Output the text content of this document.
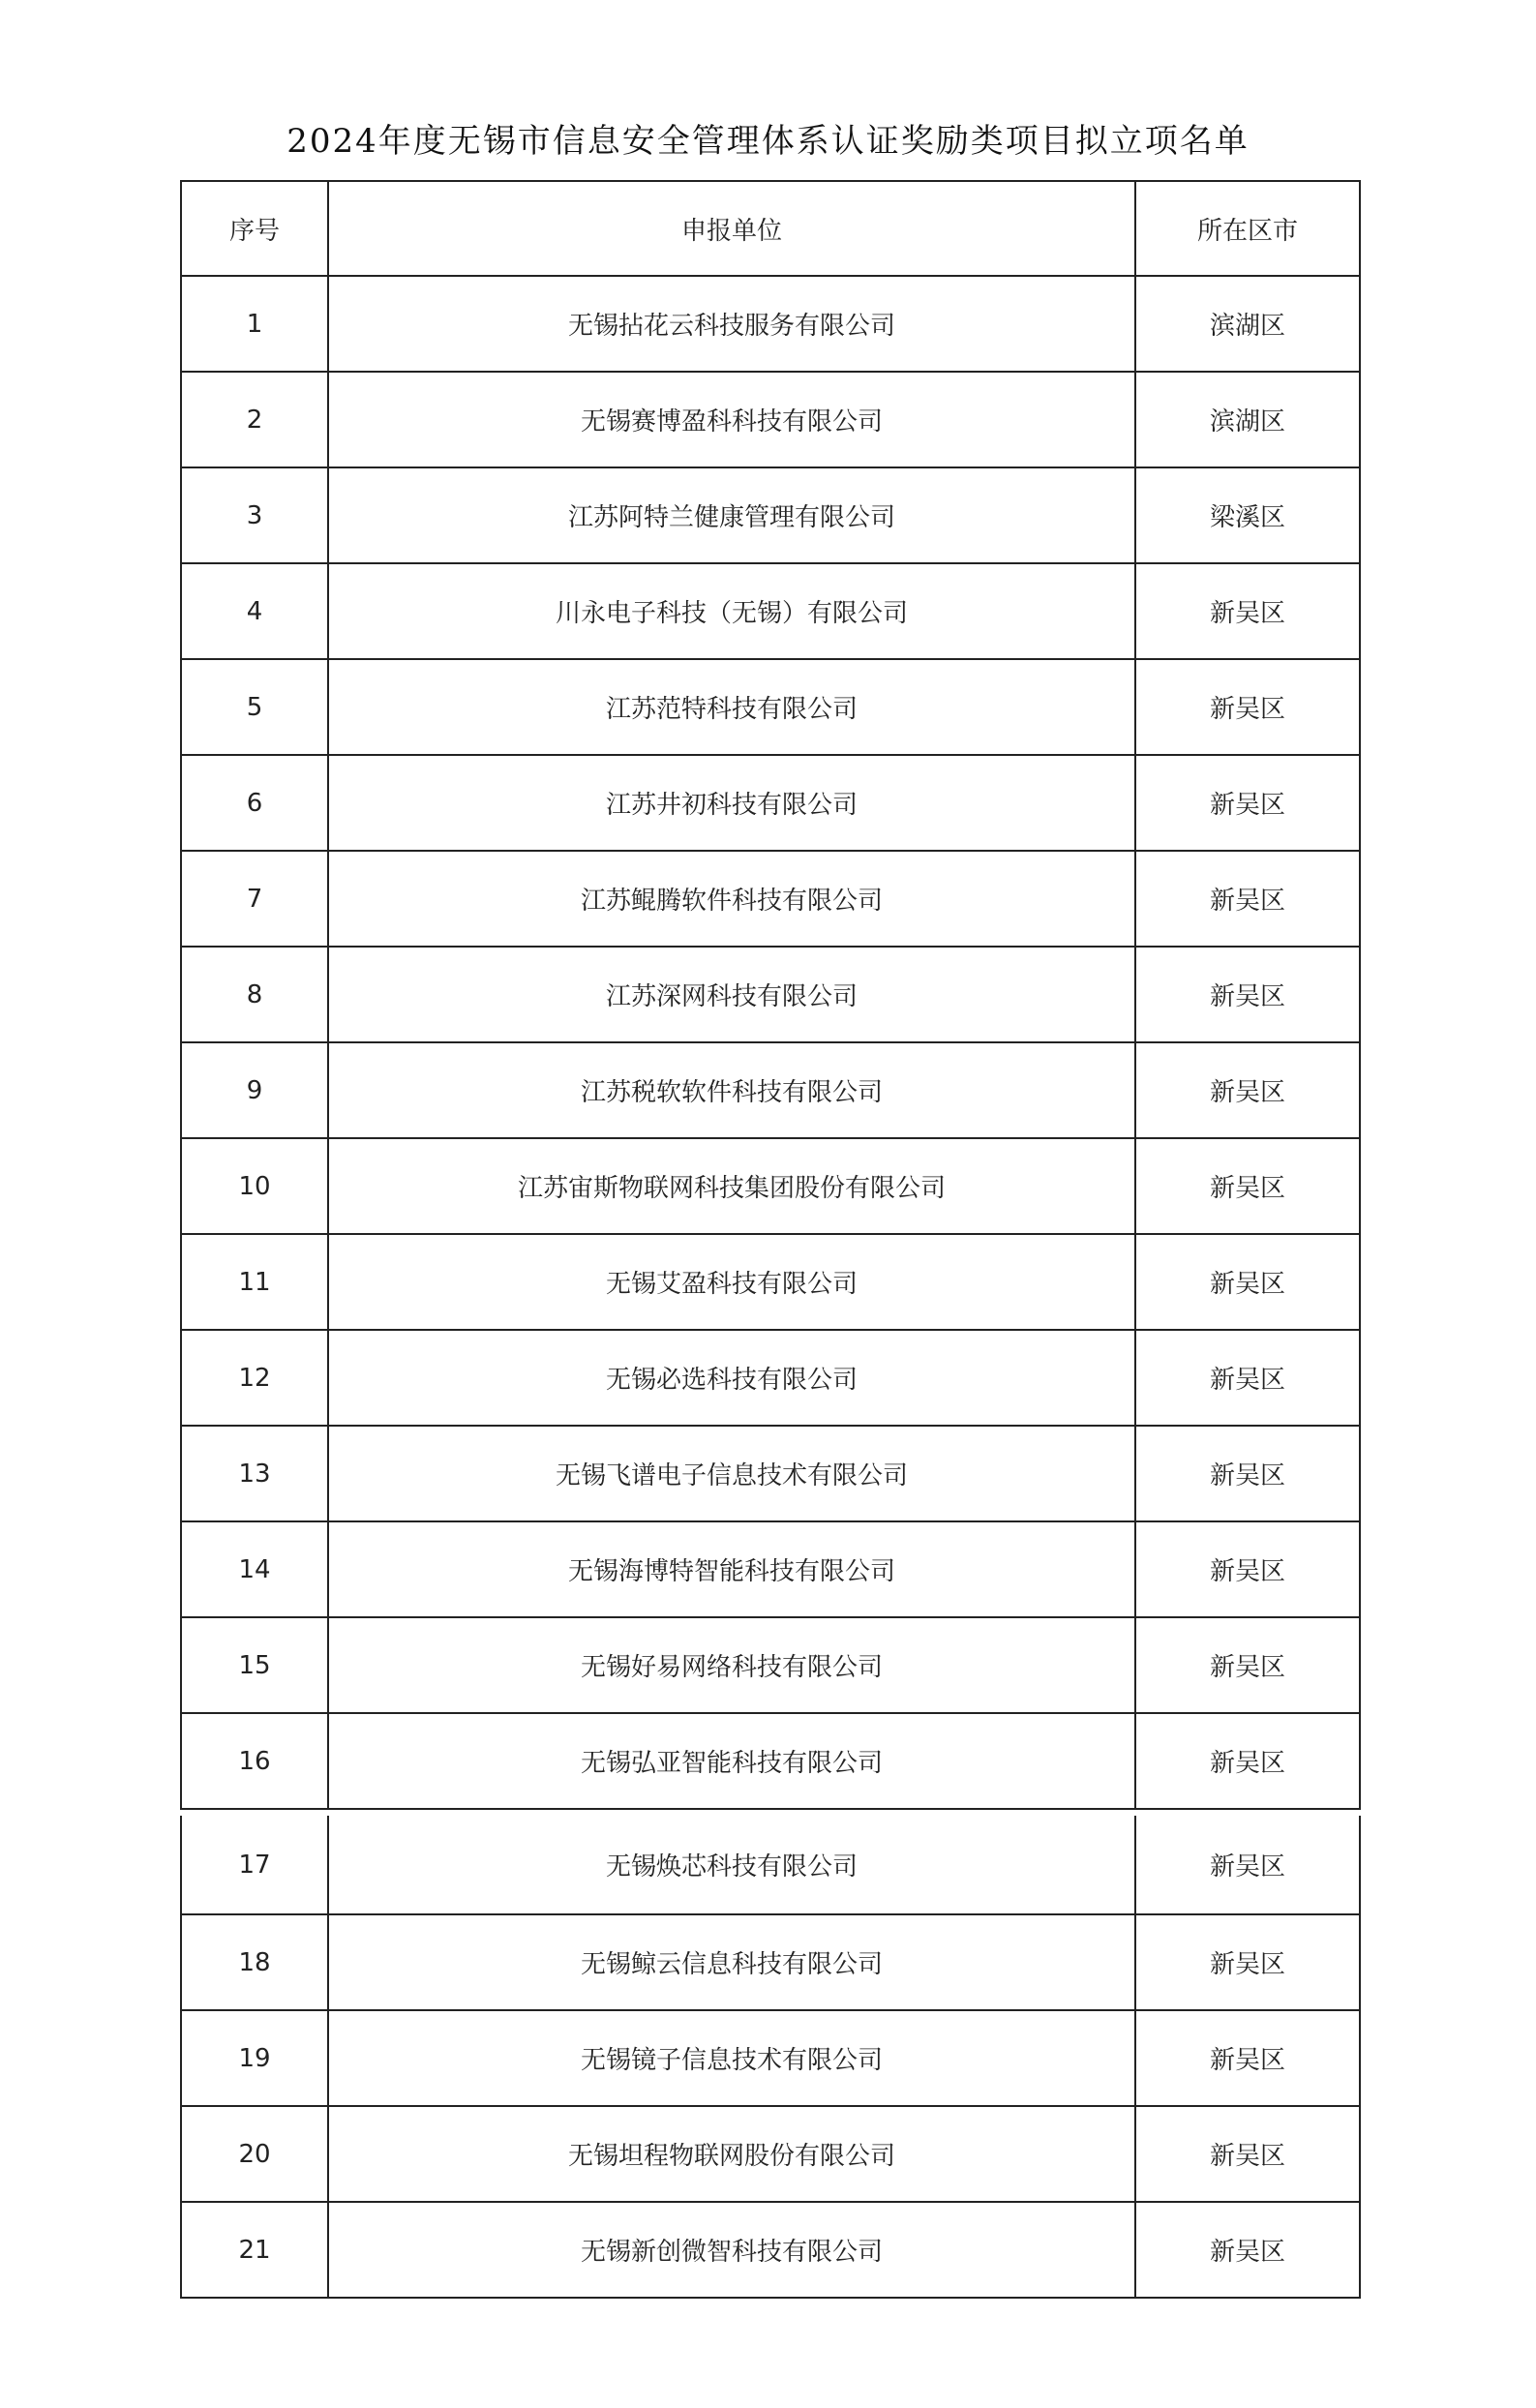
2024年度无锡市信息安全管理体系认证奖励类项目拟立项名单
序号	申报单位	所在区市
1	无锡拈花云科技服务有限公司	滨湖区
2	无锡赛博盈科科技有限公司	滨湖区
3	江苏阿特兰健康管理有限公司	梁溪区
4	川永电子科技（无锡）有限公司	新吴区
5	江苏范特科技有限公司	新吴区
6	江苏井初科技有限公司	新吴区
7	江苏鲲腾软件科技有限公司	新吴区
8	江苏深网科技有限公司	新吴区
9	江苏税软软件科技有限公司	新吴区
10	江苏宙斯物联网科技集团股份有限公司	新吴区
11	无锡艾盈科技有限公司	新吴区
12	无锡必选科技有限公司	新吴区
13	无锡飞谱电子信息技术有限公司	新吴区
14	无锡海博特智能科技有限公司	新吴区
15	无锡好易网络科技有限公司	新吴区
16	无锡弘亚智能科技有限公司	新吴区
17	无锡焕芯科技有限公司	新吴区
18	无锡鲸云信息科技有限公司	新吴区
19	无锡镜子信息技术有限公司	新吴区
20	无锡坦程物联网股份有限公司	新吴区
21	无锡新创微智科技有限公司	新吴区
